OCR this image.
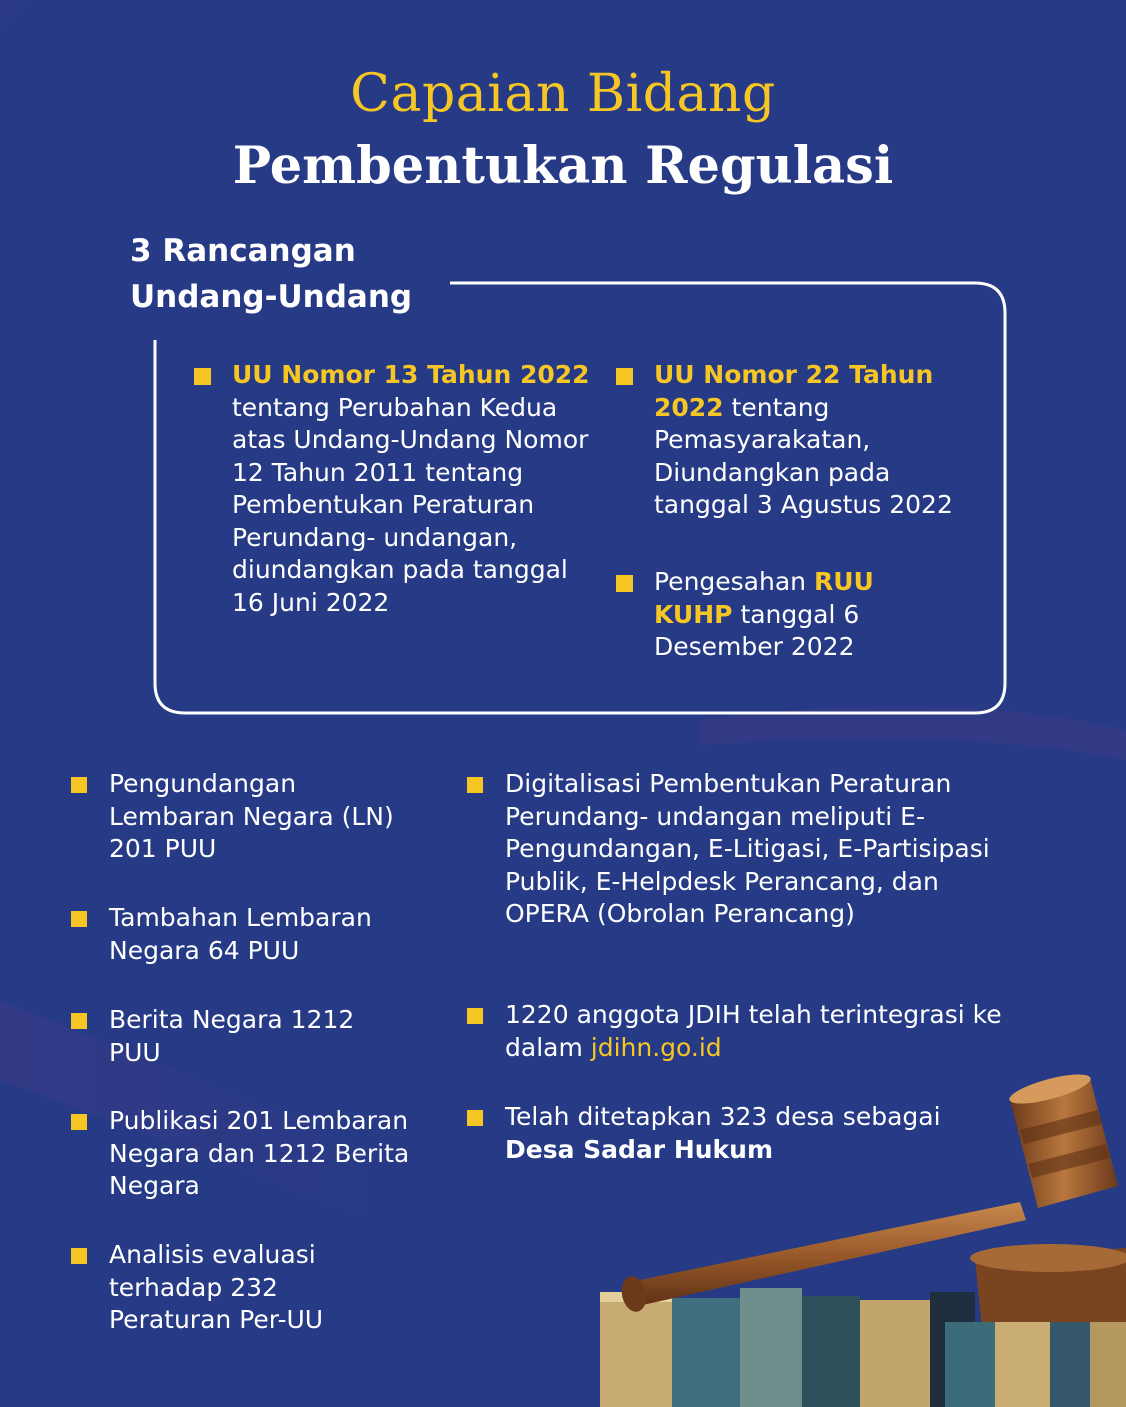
Capaian Bidang
Pembentukan Regulasi
3 Rancangan
Undang-Undang
UU Nomor 13 Tahun 2022 tentang Perubahan Kedua atas Undang-Undang Nomor 12 Tahun 2011 tentang Pembentukan Peraturan Perundang- undangan, diundangkan pada tanggal 16 Juni 2022
UU Nomor 22 Tahun 2022 tentang Pemasyarakatan, Diundangkan pada tanggal 3 Agustus 2022
Pengesahan RUU KUHP tanggal 6 Desember 2022
Pengundangan Lembaran Negara (LN) 201 PUU
Tambahan Lembaran Negara 64 PUU
Berita Negara 1212 PUU
Publikasi 201 Lembaran Negara dan 1212 Berita Negara
Analisis evaluasi terhadap 232 Peraturan Per-UU
Digitalisasi Pembentukan Peraturan Perundang- undangan meliputi E-Pengundangan, E-Litigasi, E-Partisipasi Publik, E-Helpdesk Perancang, dan OPERA (Obrolan Perancang)
1220 anggota JDIH telah terintegrasi ke dalam jdihn.go.id
Telah ditetapkan 323 desa sebagai Desa Sadar Hukum
